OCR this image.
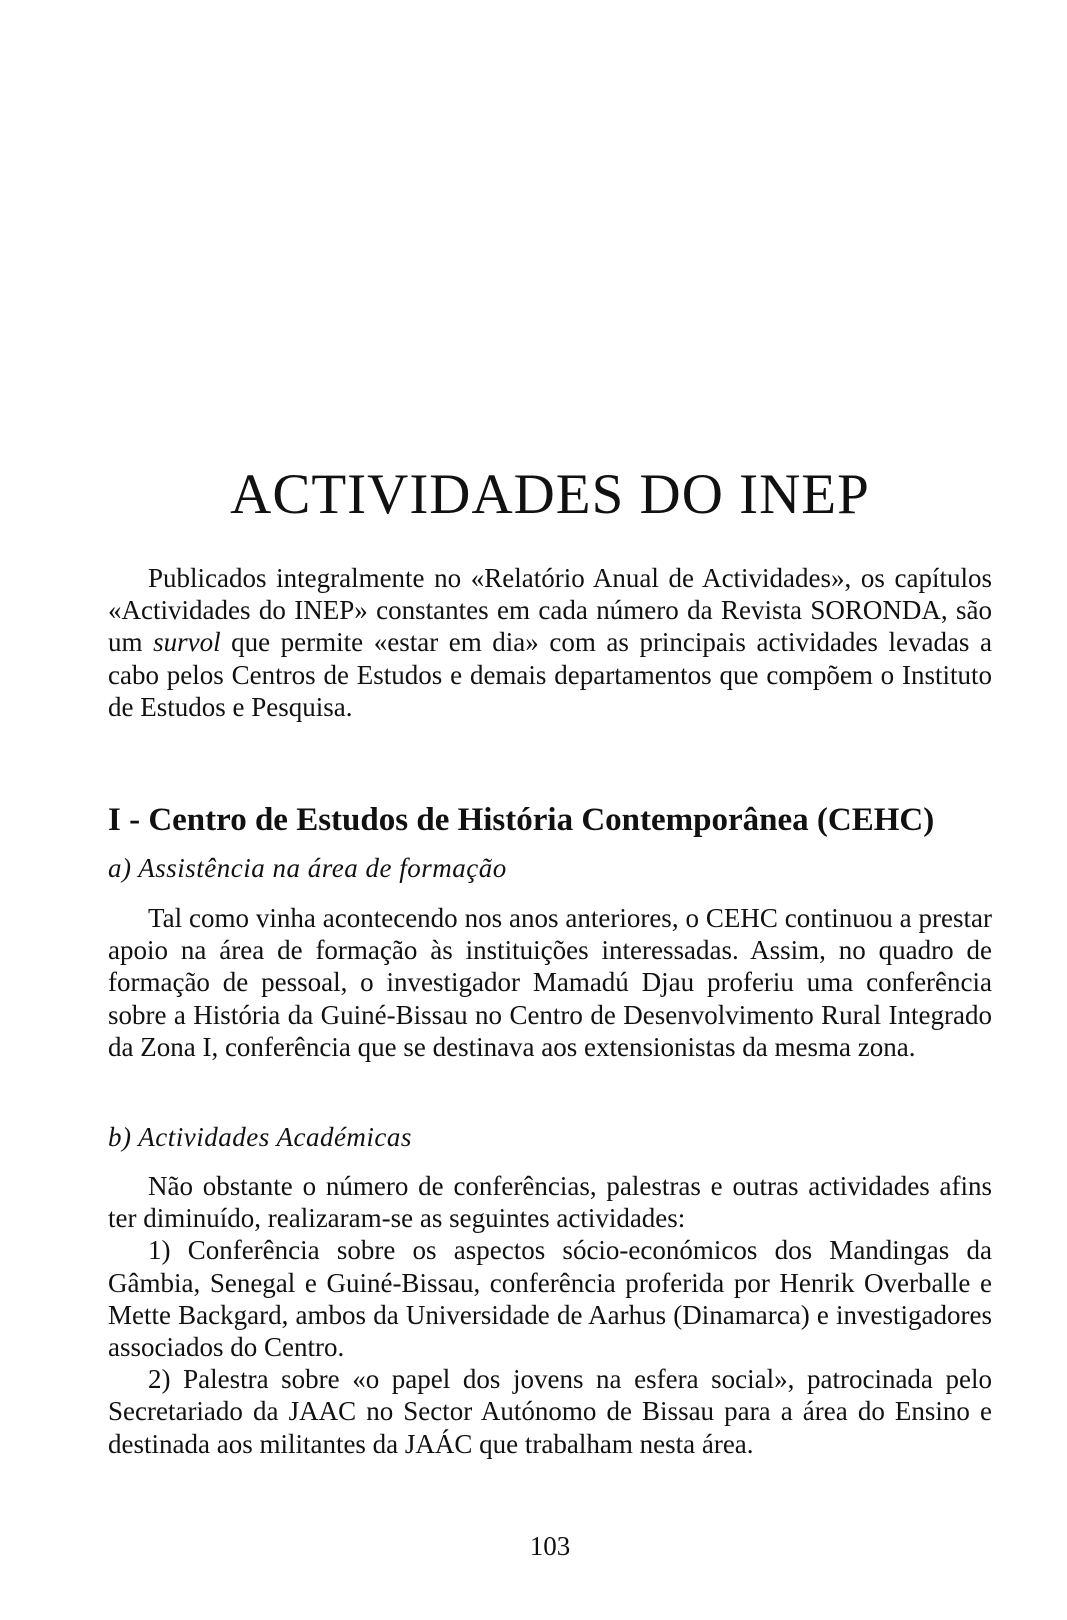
ACTIVIDADES DO INEP

Publicados integralmente no «Relatório Anual de Actividades», os capítulos «Actividades do INEP» constantes em cada número da Revista SORONDA, são um survol que permite «estar em dia» com as principais actividades levadas a cabo pelos Centros de Estudos e demais departamentos que compõem o Instituto de Estudos e Pesquisa.

I - Centro de Estudos de História Contemporânea (CEHC)
a) Assistência na área de formação

Tal como vinha acontecendo nos anos anteriores, o CEHC continuou a prestar apoio na área de formação às instituições interessadas. Assim, no quadro de formação de pessoal, o investigador Mamadú Djau proferiu uma conferência sobre a História da Guiné-Bissau no Centro de Desenvolvimento Rural Integrado da Zona I, conferência que se destinava aos extensionistas da mesma zona.

b) Actividades Académicas

Não obstante o número de conferências, palestras e outras actividades afins ter diminuído, realizaram-se as seguintes actividades:

1) Conferência sobre os aspectos sócio-económicos dos Mandingas da Gâmbia, Senegal e Guiné-Bissau, conferência proferida por Henrik Overballe e Mette Backgard, ambos da Universidade de Aarhus (Dinamarca) e investigadores associados do Centro.

2) Palestra sobre «o papel dos jovens na esfera social», patrocinada pelo Secretariado da JAAC no Sector Autónomo de Bissau para a área do Ensino e destinada aos militantes da JAÁC que trabalham nesta área.

103
